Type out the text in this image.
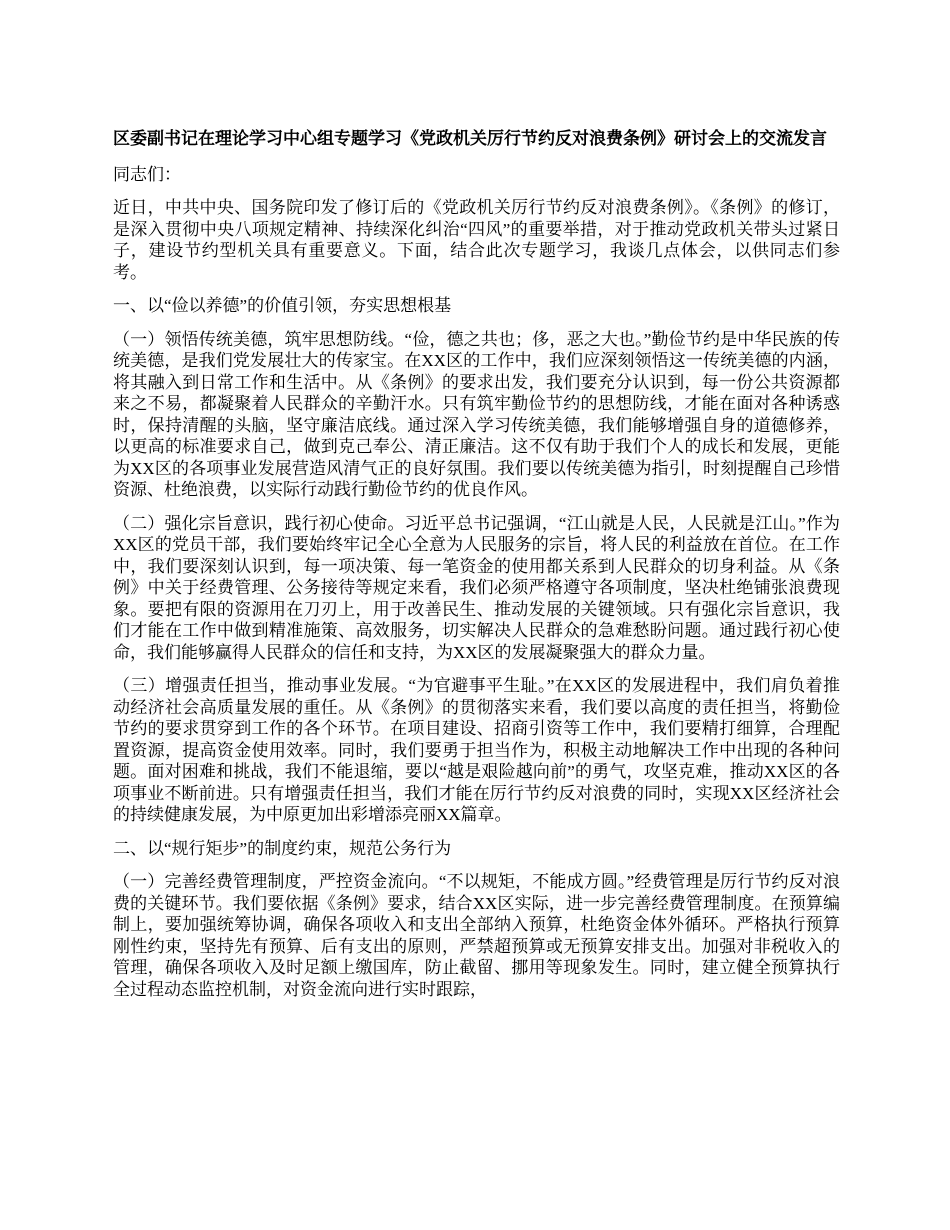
区委副书记在理论学习中心组专题学习《党政机关厉行节约反对浪费条例》研讨会上的交流发言

同志们：

近日，中共中央、国务院印发了修订后的《党政机关厉行节约反对浪费条例》。《条例》的修订，是深入贯彻中央八项规定精神、持续深化纠治“四风”的重要举措，对于推动党政机关带头过紧日子，建设节约型机关具有重要意义。下面，结合此次专题学习，我谈几点体会，以供同志们参考。

一、以“俭以养德”的价值引领，夯实思想根基

（一）领悟传统美德，筑牢思想防线。“俭，德之共也；侈，恶之大也。”勤俭节约是中华民族的传统美德，是我们党发展壮大的传家宝。在XX区的工作中，我们应深刻领悟这一传统美德的内涵，将其融入到日常工作和生活中。从《条例》的要求出发，我们要充分认识到，每一份公共资源都来之不易，都凝聚着人民群众的辛勤汗水。只有筑牢勤俭节约的思想防线，才能在面对各种诱惑时，保持清醒的头脑，坚守廉洁底线。通过深入学习传统美德，我们能够增强自身的道德修养，以更高的标准要求自己，做到克己奉公、清正廉洁。这不仅有助于我们个人的成长和发展，更能为XX区的各项事业发展营造风清气正的良好氛围。我们要以传统美德为指引，时刻提醒自己珍惜资源、杜绝浪费，以实际行动践行勤俭节约的优良作风。

（二）强化宗旨意识，践行初心使命。习近平总书记强调，“江山就是人民，人民就是江山。”作为XX区的党员干部，我们要始终牢记全心全意为人民服务的宗旨，将人民的利益放在首位。在工作中，我们要深刻认识到，每一项决策、每一笔资金的使用都关系到人民群众的切身利益。从《条例》中关于经费管理、公务接待等规定来看，我们必须严格遵守各项制度，坚决杜绝铺张浪费现象。要把有限的资源用在刀刃上，用于改善民生、推动发展的关键领域。只有强化宗旨意识，我们才能在工作中做到精准施策、高效服务，切实解决人民群众的急难愁盼问题。通过践行初心使命，我们能够赢得人民群众的信任和支持，为XX区的发展凝聚强大的群众力量。

（三）增强责任担当，推动事业发展。“为官避事平生耻。”在XX区的发展进程中，我们肩负着推动经济社会高质量发展的重任。从《条例》的贯彻落实来看，我们要以高度的责任担当，将勤俭节约的要求贯穿到工作的各个环节。在项目建设、招商引资等工作中，我们要精打细算，合理配置资源，提高资金使用效率。同时，我们要勇于担当作为，积极主动地解决工作中出现的各种问题。面对困难和挑战，我们不能退缩，要以“越是艰险越向前”的勇气，攻坚克难，推动XX区的各项事业不断前进。只有增强责任担当，我们才能在厉行节约反对浪费的同时，实现XX区经济社会的持续健康发展，为中原更加出彩增添亮丽XX篇章。

二、以“规行矩步”的制度约束，规范公务行为

（一）完善经费管理制度，严控资金流向。“不以规矩，不能成方圆。”经费管理是厉行节约反对浪费的关键环节。我们要依据《条例》要求，结合XX区实际，进一步完善经费管理制度。在预算编制上，要加强统筹协调，确保各项收入和支出全部纳入预算，杜绝资金体外循环。严格执行预算刚性约束，坚持先有预算、后有支出的原则，严禁超预算或无预算安排支出。加强对非税收入的管理，确保各项收入及时足额上缴国库，防止截留、挪用等现象发生。同时，建立健全预算执行全过程动态监控机制，对资金流向进行实时跟踪，
